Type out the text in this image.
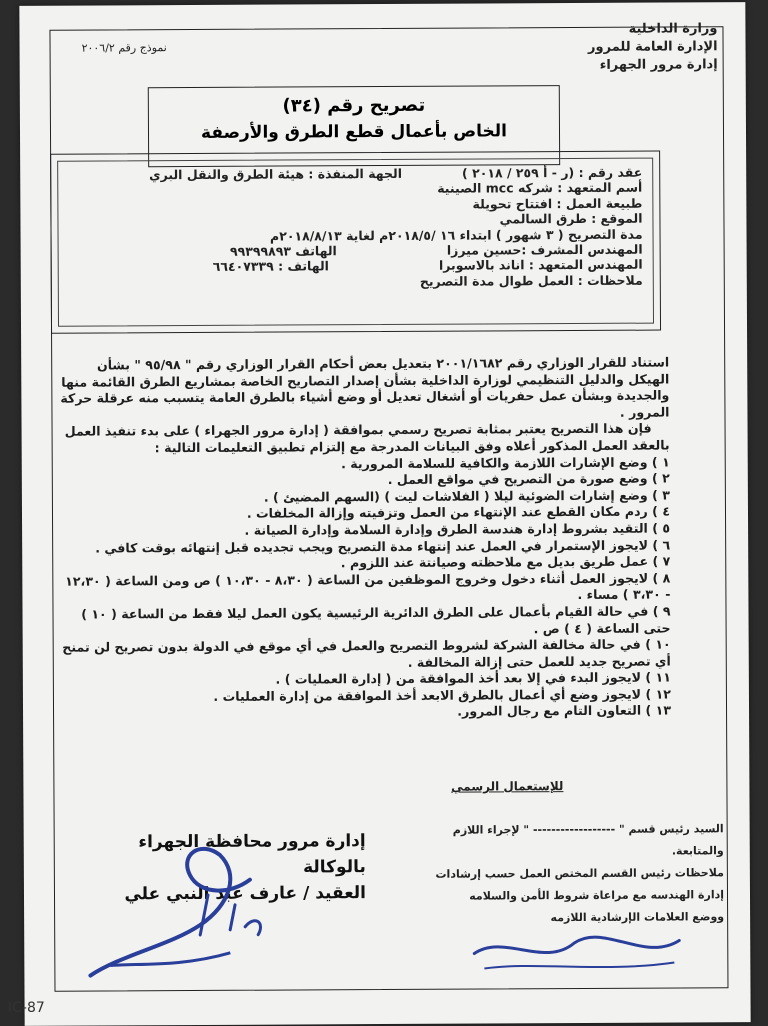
وزارة الداخلية
الإدارة العامة للمرور
إدارة مرور الجهراء
نموذج رقم ٢٠٠٦/٢
تصريح رقم (٣٤)
الخاص بأعمال قطع الطرق والأرصفة
عقد رقم : (ر - أ ٢٥٩ / ٢٠١٨ )
الجهة المنفذة : هيئة الطرق والنقل البري
أسم المتعهد : شركه mcc الصينية
طبيعة العمل : افتتاح تحويلة
الموقع : طرق السالمي
مدة التصريح ( ٣ شهور ) ابتداء ١٦ /٢٠١٨/٥م لغاية ٢٠١٨/٨/١٣م
المهندس المشرف :حسين ميرزا
الهاتف ٩٩٣٩٩٨٩٣
المهندس المتعهد : اناند بالاسوبرا
الهاتف : ٦٦٤٠٧٣٣٩
ملاحظات : العمل طوال مدة التصريح

استناد للقرار الوزاري رقم ٢٠٠١/١٦٨٢ بتعديل بعض أحكام القرار الوزاري رقم " ٩٥/٩٨ " بشأن الهيكل والدليل التنظيمي لوزارة الداخلية بشأن إصدار التصاريح الخاصة بمشاريع الطرق القائمة منها والجديدة وبشأن عمل حفريات أو أشغال تعديل أو وضع أشياء بالطرق العامة يتسبب منه عرقلة حركة المرور .

فإن هذا التصريح يعتبر بمثابة تصريح رسمي بموافقة ( إدارة مرور الجهراء ) على بدء تنفيذ العمل بالعقد العمل المذكور أعلاه وفق البيانات المدرجة مع إلتزام تطبيق التعليمات التالية :

١ ) وضع الإشارات اللازمة والكافية للسلامة المرورية .
٢ ) وضع صورة من التصريح في مواقع العمل .
٣ ) وضع إشارات الضوئية ليلا ( الفلاشات ليت ) (السهم المضيئ ) .
٤ ) ردم مكان القطع عند الإنتهاء من العمل وتزفيته وإزالة المخلفات .
٥ ) التقيد بشروط إدارة هندسة الطرق وإدارة السلامة وإدارة الصيانة .
٦ ) لايجوز الإستمرار في العمل عند إنتهاء مدة التصريح ويجب تجديده قبل إنتهائه بوقت كافي .
٧ ) عمل طريق بديل مع ملاحظته وصيانتة عند اللزوم .
٨ ) لايجوز العمل أثناء دخول وخروج الموظفين من الساعة ( ٨،٣٠ - ١٠،٣٠ ) ص ومن الساعة ( ١٢،٣٠ - ٣،٣٠ ) مساء .
٩ ) في حالة القيام بأعمال على الطرق الدائرية الرئيسية يكون العمل ليلا فقط من الساعة ( ١٠ ) حتى الساعة ( ٤ ) ص .
١٠ ) في حالة مخالفة الشركة لشروط التصريح والعمل في أي موقع في الدولة بدون تصريح لن تمنح أي تصريح جديد للعمل حتى إزالة المخالفة .
١١ ) لايجوز البدء في إلا بعد أخذ الموافقة من ( إدارة العمليات ) .
١٢ ) لايجوز وضع أي أعمال بالطرق الابعد أخذ الموافقة من إدارة العمليات .
١٣ ) التعاون التام مع رجال المرور.
للإستعمال الرسمي
إدارة مرور محافظة الجهراء بالوكالة
العقيد / عارف عبد النبي علي
السيد رئيس قسم " ------------------ " لإجراء اللازم والمتابعة.
ملاحظات رئيس القسم المختص العمل حسب إرشادات
إدارة الهندسه مع مراعاة شروط الأمن والسلامه
ووضع العلامات الإرشادية اللازمه
IC-87
